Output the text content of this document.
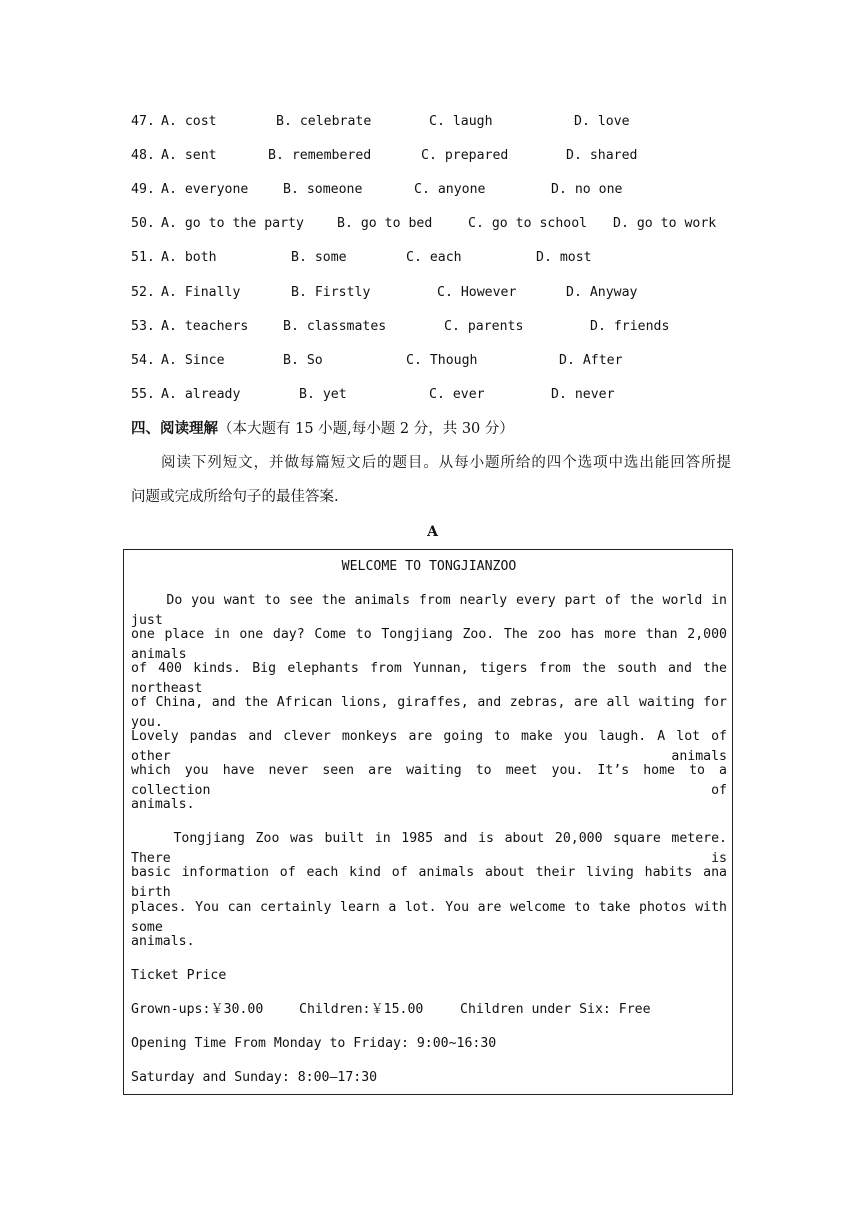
47. A. cost	B. celebrate	C. laugh	D. love
48. A. sent	B. remembered	C. prepared	D. shared
49. A. everyone	B. someone	C. anyone	D. no one
50. A. go to the party	B. go to bed	C. go to school D. go to work
51. A. both	B. some	C. each	D. most
52. A. Finally	B. Firstly	C. However	D. Anyway
53. A. teachers	B. classmates	C. parents	D. friends
54. A. Since	B. So	C. Though	D. After
55. A. already	B. yet	C. ever	D. never
四、阅读理解（本大题有 15 小题,每小题 2 分，共 30 分）
阅读下列短文，并做每篇短文后的题目。从每小题所给的四个选项中选出能回答所提
问题或完成所给句子的最佳答案.
A
WELCOME TO TONGJIANZOO
Do you want to see the animals from nearly every part of the world in just
one place in one day? Come to Tongjiang Zoo. The zoo has more than 2,000 animals
of 400 kinds. Big elephants from Yunnan, tigers from the south and the northeast
of China, and the African lions, giraffes, and zebras, are all waiting for you.
Lovely pandas and clever monkeys are going to make you laugh. A lot of other animals
which you have never seen are waiting to meet you. It’s home to a collection of
animals.
Tongjiang Zoo was built in 1985 and is about 20,000 square metere. There is
basic information of each kind of animals about their living habits ana birth
places. You can certainly learn a lot. You are welcome to take photos with some
animals.
Ticket Price
Grown-ups:￥30.00	Children:￥15.00	Children under Six: Free
Opening Time From Monday to Friday: 9:00~16:30
Saturday and Sunday: 8:00—17:30
